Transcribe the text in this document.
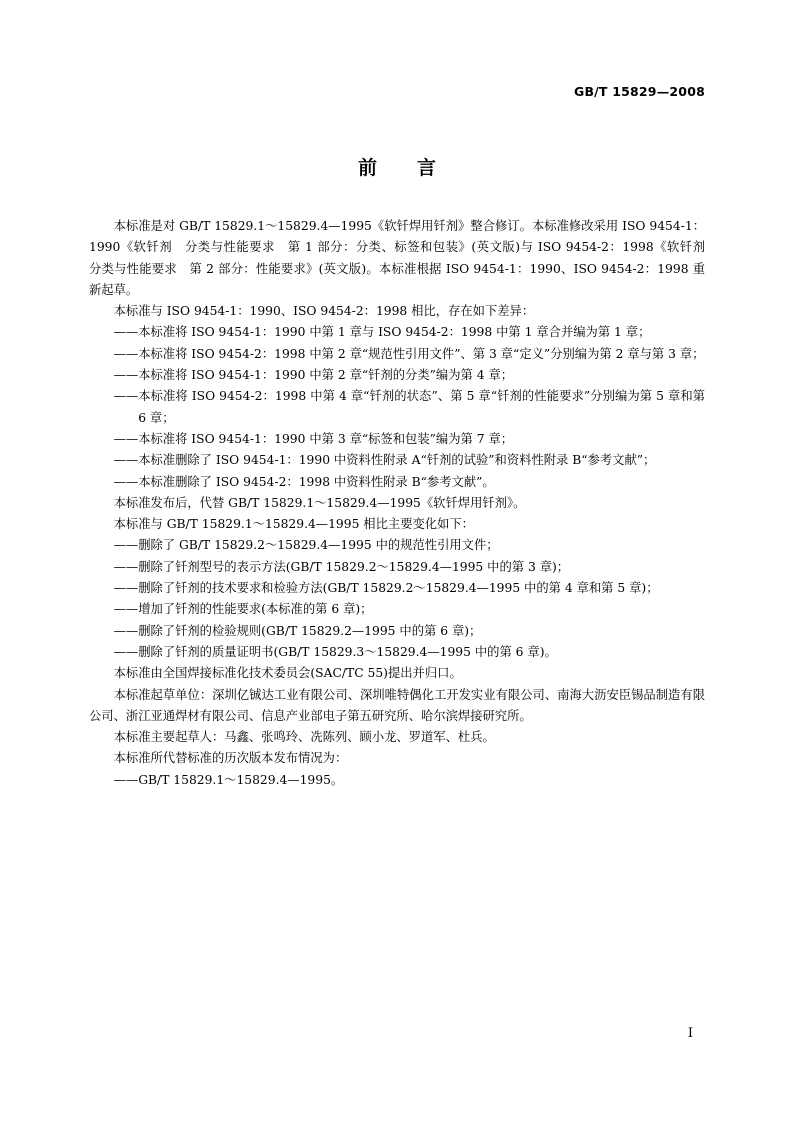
GB/T 15829—2008
前言

本标准是对 GB/T 15829.1～15829.4—1995《软钎焊用钎剂》整合修订。本标准修改采用 ISO 9454-1：1990《软钎剂　分类与性能要求　第 1 部分：分类、标签和包装》(英文版)与 ISO 9454-2：1998《软钎剂　分类与性能要求　第 2 部分：性能要求》(英文版)。本标准根据 ISO 9454-1：1990、ISO 9454-2：1998 重新起草。

本标准与 ISO 9454-1：1990、ISO 9454-2：1998 相比，存在如下差异：

——本标准将 ISO 9454-1：1990 中第 1 章与 ISO 9454-2：1998 中第 1 章合并编为第 1 章；

——本标准将 ISO 9454-2：1998 中第 2 章“规范性引用文件”、第 3 章“定义”分别编为第 2 章与第 3 章；

——本标准将 ISO 9454-1：1990 中第 2 章“钎剂的分类”编为第 4 章；

——本标准将 ISO 9454-2：1998 中第 4 章“钎剂的状态”、第 5 章“钎剂的性能要求”分别编为第 5 章和第 6 章；

——本标准将 ISO 9454-1：1990 中第 3 章“标签和包装”编为第 7 章；

——本标准删除了 ISO 9454-1：1990 中资料性附录 A“钎剂的试验”和资料性附录 B“参考文献”；

——本标准删除了 ISO 9454-2：1998 中资料性附录 B“参考文献”。

本标准发布后，代替 GB/T 15829.1～15829.4—1995《软钎焊用钎剂》。

本标准与 GB/T 15829.1～15829.4—1995 相比主要变化如下：

——删除了 GB/T 15829.2～15829.4—1995 中的规范性引用文件；

——删除了钎剂型号的表示方法(GB/T 15829.2～15829.4—1995 中的第 3 章)；

——删除了钎剂的技术要求和检验方法(GB/T 15829.2～15829.4—1995 中的第 4 章和第 5 章)；

——增加了钎剂的性能要求(本标准的第 6 章)；

——删除了钎剂的检验规则(GB/T 15829.2—1995 中的第 6 章)；

——删除了钎剂的质量证明书(GB/T 15829.3～15829.4—1995 中的第 6 章)。

本标准由全国焊接标准化技术委员会(SAC/TC 55)提出并归口。

本标准起草单位：深圳亿铖达工业有限公司、深圳唯特偶化工开发实业有限公司、南海大沥安臣锡品制造有限公司、浙江亚通焊材有限公司、信息产业部电子第五研究所、哈尔滨焊接研究所。

本标准主要起草人：马鑫、张鸣玲、冼陈列、顾小龙、罗道军、杜兵。

本标准所代替标准的历次版本发布情况为：

——GB/T 15829.1～15829.4—1995。

I
